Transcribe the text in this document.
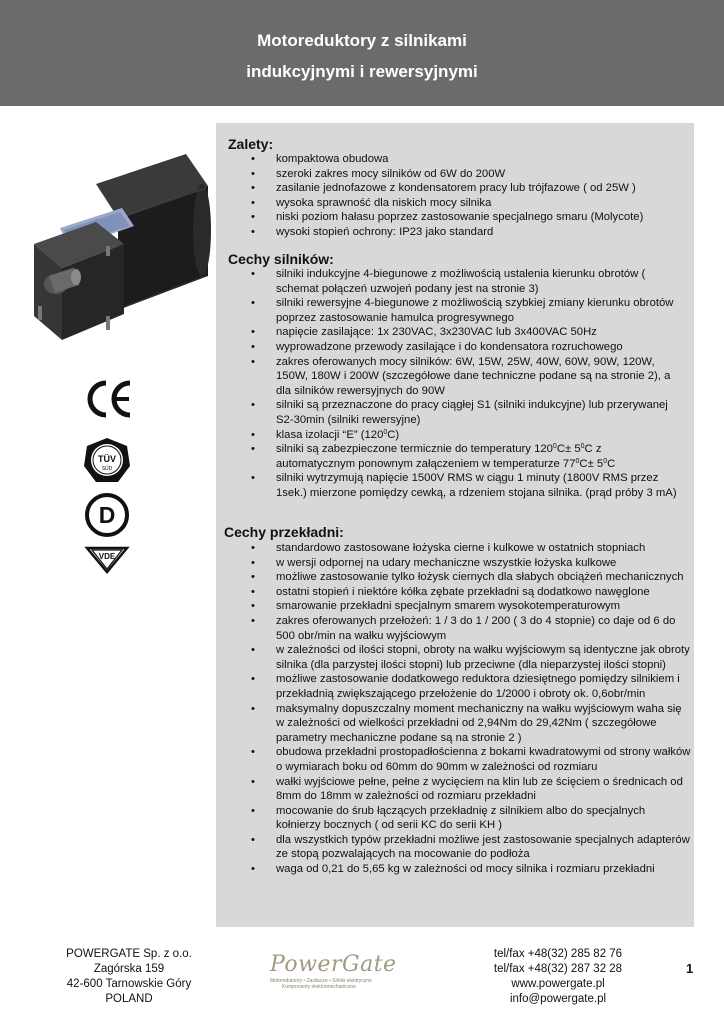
Motoreduktory z silnikami
indukcyjnymi i rewersyjnymi
TÜV
SÜD
D
VDE
Zalety:
• kompaktowa obudowa
• szeroki zakres mocy silników od 6W do 200W
• zasilanie jednofazowe z kondensatorem pracy lub trójfazowe ( od 25W )
• wysoka sprawność dla niskich mocy silnika
• niski poziom hałasu poprzez zastosowanie specjalnego smaru (Molycote)
• wysoki stopień ochrony: IP23 jako standard
Cechy silników:
• silniki indukcyjne 4-biegunowe z możliwością ustalenia kierunku obrotów ( schemat połączeń uzwojeń podany jest na stronie 3)
• silniki rewersyjne 4-biegunowe z możliwością szybkiej zmiany kierunku obrotów poprzez zastosowanie hamulca progresywnego
• napięcie zasilające: 1x 230VAC, 3x230VAC lub 3x400VAC 50Hz
• wyprowadzone przewody zasilające i do kondensatora rozruchowego
• zakres oferowanych mocy silników: 6W, 15W, 25W, 40W, 60W, 90W, 120W, 150W, 180W i 200W (szczegółowe dane techniczne podane są na stronie 2), a dla silników rewersyjnych do 90W
• silniki są przeznaczone do pracy ciągłej S1 (silniki indukcyjne) lub przerywanej S2-30min (silniki rewersyjne)
• klasa izolacji “E” $(120^0C)$
• silniki są zabezpieczone termicznie do temperatury $120^0C\pm 5^0C$ z automatycznym ponownym załączeniem w temperaturze $77^0C\pm 5^0C$
• silniki wytrzymują napięcie 1500V RMS w ciągu 1 minuty (1800V RMS przez 1sek.) mierzone pomiędzy cewką, a rdzeniem stojana silnika. (prąd próby 3 mA)
Cechy przekładni:
• standardowo zastosowane łożyska cierne i kulkowe w ostatnich stopniach
• w wersji odpornej na udary mechaniczne wszystkie łożyska kulkowe
• możliwe zastosowanie tylko łożysk ciernych dla słabych obciążeń mechanicznych
• ostatni stopień i niektóre kółka zębate przekładni są dodatkowo nawęglone
• smarowanie przekładni specjalnym smarem wysokotemperaturowym
• zakres oferowanych przełożeń: 1 / 3 do 1 / 200 ( 3 do 4 stopnie) co daje od 6 do 500 obr/min na wałku wyjściowym
• w zależności od ilości stopni, obroty na wałku wyjściowym są identyczne jak obroty silnika (dla parzystej ilości stopni) lub przeciwne (dla nieparzystej ilości stopni)
• możliwe zastosowanie dodatkowego reduktora dziesiętnego pomiędzy silnikiem i przekładnią zwiększającego przełożenie do 1/2000 i obroty ok. 0,6obr/min
• maksymalny dopuszczalny moment mechaniczny na wałku wyjściowym waha się w zależności od wielkości przekładni od 2,94Nm do 29,42Nm ( szczegółowe parametry mechaniczne podane są na stronie 2 )
• obudowa przekładni prostopadłościenna z bokami kwadratowymi od strony wałków o wymiarach boku od 60mm do 90mm w zależności od rozmiaru
• wałki wyjściowe pełne, pełne z wycięciem na klin lub ze ścięciem o średnicach od 8mm do 18mm w zależności od rozmiaru przekładni
• mocowanie do śrub łączących przekładnię z silnikiem albo do specjalnych kołnierzy bocznych ( od serii KC do serii KH )
• dla wszystkich typów przekładni możliwe jest zastosowanie specjalnych adapterów ze stopą pozwalających na mocowanie do podłoża
• waga od 0,21 do 5,65 kg w zależności od mocy silnika i rozmiaru przekładni
POWERGATE Sp. z o.o.
Zagórska 159
42-600 Tarnowskie Góry
POLAND
PowerGate
Motoreduktory • Zasilacze • Silniki elektryczne
Komponenty elektromechaniczne
tel/fax +48(32) 285 82 76
tel/fax +48(32) 287 32 28
www.powergate.pl
info@powergate.pl
1
